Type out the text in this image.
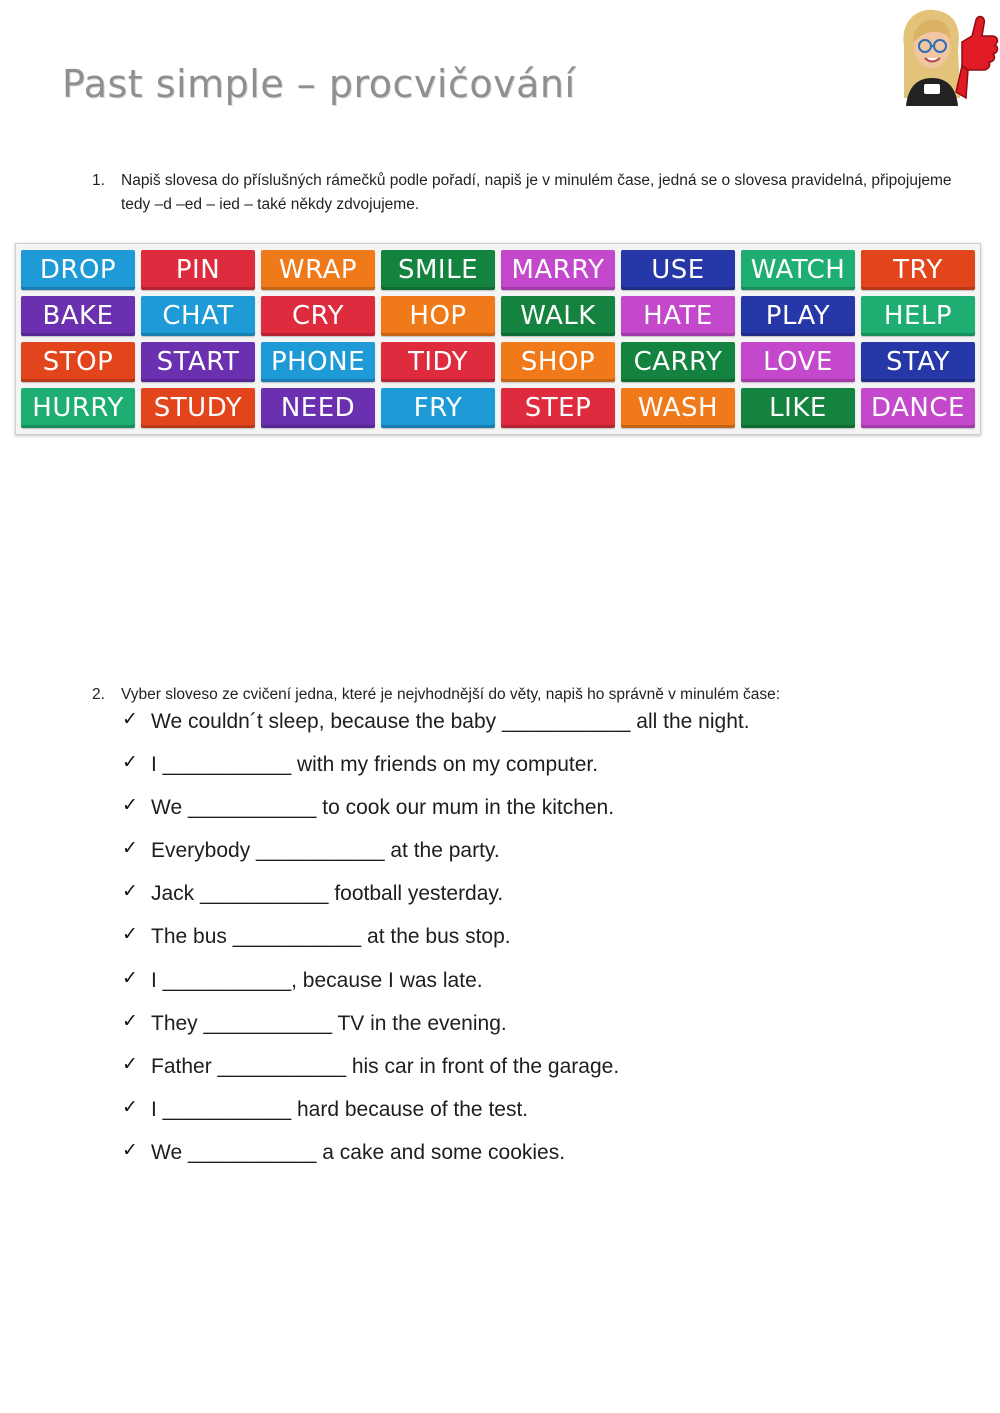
Past simple – procvičování
1.	Napiš slovesa do příslušných rámečků podle pořadí, napiš je v minulém čase, jedná se o slovesa pravidelná, připojujeme tedy –d –ed – ied – také někdy zdvojujeme.
DROP	PIN	WRAP	SMILE	MARRY	USE	WATCH	TRY
BAKE	CHAT	CRY	HOP	WALK	HATE	PLAY	HELP
STOP	START	PHONE	TIDY	SHOP	CARRY	LOVE	STAY
HURRY	STUDY	NEED	FRY	STEP	WASH	LIKE	DANCE
2.	Vyber sloveso ze cvičení jedna, které je nejvhodnější do věty, napiš ho správně v minulém čase:
✓ We couldn´t sleep, because the baby ___________ all the night.
✓ I ___________ with my friends on my computer.
✓ We ___________ to cook our mum in the kitchen.
✓ Everybody ___________ at the party.
✓ Jack ___________ football yesterday.
✓ The bus ___________ at the bus stop.
✓ I ___________, because I was late.
✓ They ___________ TV in the evening.
✓ Father ___________ his car in front of the garage.
✓ I ___________ hard because of the test.
✓ We ___________ a cake and some cookies.
